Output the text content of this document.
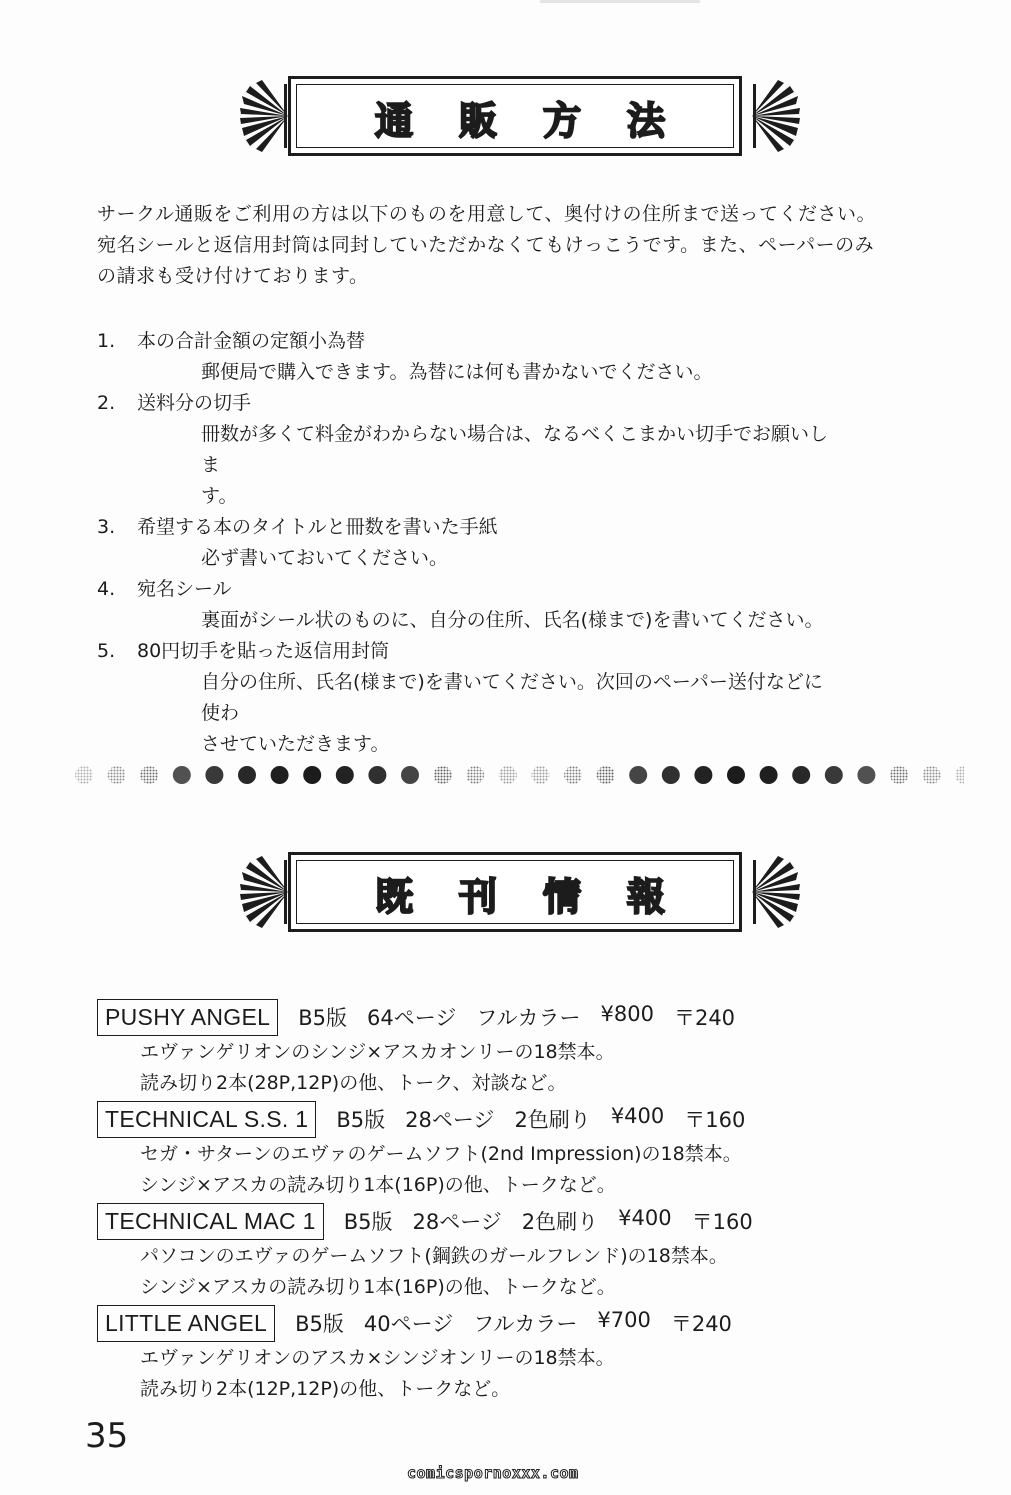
通販方法
サークル通販をご利用の方は以下のものを用意して、奥付けの住所まで送ってください。
宛名シールと返信用封筒は同封していただかなくてもけっこうです。また、ペーパーのみ
の請求も受け付けております。
1.	本の合計金額の定額小為替
郵便局で購入できます。為替には何も書かないでください。
2.	送料分の切手
冊数が多くて料金がわからない場合は、なるべくこまかい切手でお願いしま
す。
3.	希望する本のタイトルと冊数を書いた手紙
必ず書いておいてください。
4.	宛名シール
裏面がシール状のものに、自分の住所、氏名(様まで)を書いてください。
5.	80円切手を貼った返信用封筒
自分の住所、氏名(様まで)を書いてください。次回のペーパー送付などに使わ
させていただきます。
既刊情報
PUSHY ANGEL	B5版 64ページ フルカラー ¥800 〒240
エヴァンゲリオンのシンジ×アスカオンリーの18禁本。
読み切り2本(28P,12P)の他、トーク、対談など。
TECHNICAL S.S. 1	B5版 28ページ 2色刷り ¥400 〒160
セガ・サターンのエヴァのゲームソフト(2nd Impression)の18禁本。
シンジ×アスカの読み切り1本(16P)の他、トークなど。
TECHNICAL MAC 1	B5版 28ページ 2色刷り ¥400 〒160
パソコンのエヴァのゲームソフト(鋼鉄のガールフレンド)の18禁本。
シンジ×アスカの読み切り1本(16P)の他、トークなど。
LITTLE ANGEL	B5版 40ページ フルカラー ¥700 〒240
エヴァンゲリオンのアスカ×シンジオンリーの18禁本。
読み切り2本(12P,12P)の他、トークなど。
35
comicspornoxxx.com
